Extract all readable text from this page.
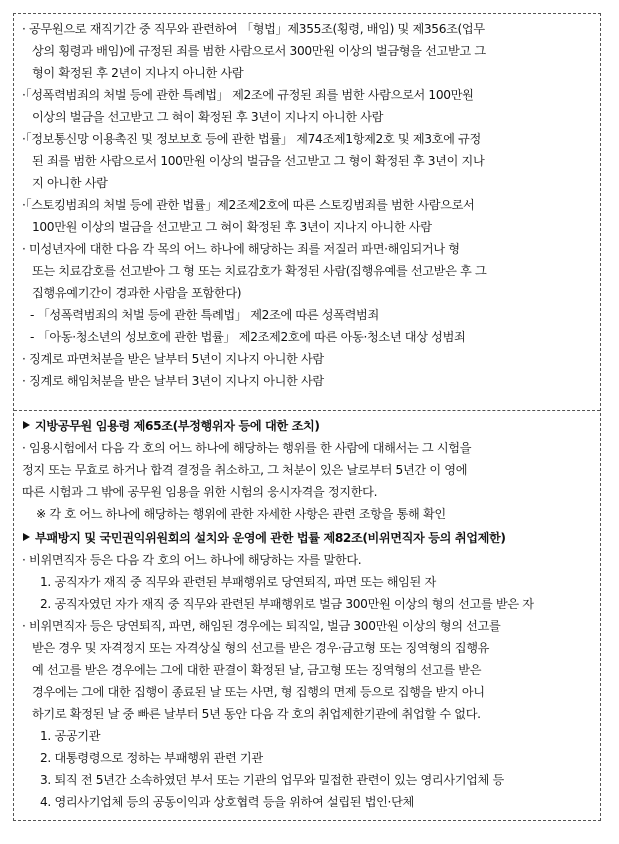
· 공무원으로 재직기간 중 직무와 관련하여 「형법」제355조(횡령, 배임) 및 제356조(업무
상의 횡령과 배임)에 규정된 죄를 범한 사람으로서 300만원 이상의 벌금형을 선고받고 그
형이 확정된 후 2년이 지나지 아니한 사람
·「성폭력범죄의 처벌 등에 관한 특례법」 제2조에 규정된 죄를 범한 사람으로서 100만원
이상의 벌금을 선고받고 그 혀이 확정된 후 3년이 지나지 아니한 사람
·「정보통신망 이용촉진 및 정보보호 등에 관한 법률」 제74조제1항제2호 및 제3호에 규정
된 죄를 범한 사람으로서 100만원 이상의 벌금을 선고받고 그 형이 확정된 후 3년이 지나
지 아니한 사람
·「스토킹범죄의 처벌 등에 관한 법률」제2조제2호에 따른 스토킹범죄를 범한 사람으로서
100만원 이상의 벌금을 선고받고 그 혀이 확정된 후 3년이 지나지 아니한 사람
· 미성년자에 대한 다음 각 목의 어느 하나에 해당하는 죄를 저질러 파면·해임되거나 형
또는 치료감호를 선고받아 그 형 또는 치료감호가 확정된 사람(집행유예를 선고받은 후 그
집행유예기간이 경과한 사람을 포함한다)
- 「성폭력범죄의 처벌 등에 관한 특례법」 제2조에 따른 성폭력범죄
- 「아동·청소년의 성보호에 관한 법률」 제2조제2호에 따른 아동·청소년 대상 성범죄
· 징계로 파면처분을 받은 날부터 5년이 지나지 아니한 사람
· 징계로 해임처분을 받은 날부터 3년이 지나지 아니한 사람
지방공무원 임용령 제65조(부정행위자 등에 대한 조치)
· 임용시험에서 다음 각 호의 어느 하나에 해당하는 행위를 한 사람에 대해서는 그 시험을
정지 또는 무효로 하거나 합격 결정을 취소하고, 그 처분이 있은 날로부터 5년간 이 영에
따른 시험과 그 밖에 공무원 임용을 위한 시험의 응시자격을 정지한다.
※ 각 호 어느 하나에 해당하는 행위에 관한 자세한 사항은 관련 조항을 통해 확인
부패방지 및 국민권익위원회의 설치와 운영에 관한 법률 제82조(비위면직자 등의 취업제한)
· 비위면직자 등은 다음 각 호의 어느 하나에 해당하는 자를 말한다.
1. 공직자가 재직 중 직무와 관련된 부패행위로 당연퇴직, 파면 또는 해임된 자
2. 공직자였던 자가 재직 중 직무와 관련된 부패행위로 벌금 300만원 이상의 형의 선고를 받은 자
· 비위면직자 등은 당연퇴직, 파면, 해임된 경우에는 퇴직일, 벌금 300만원 이상의 형의 선고를
받은 경우 및 자격정지 또는 자격상실 형의 선고를 받은 경우·금고형 또는 징역형의 집행유
예 선고를 받은 경우에는 그에 대한 판결이 확정된 날, 금고형 또는 징역형의 선고를 받은
경우에는 그에 대한 집행이 종료된 날 또는 사면, 형 집행의 면제 등으로 집행을 받지 아니
하기로 확정된 날 중 빠른 날부터 5년 동안 다음 각 호의 취업제한기관에 취업할 수 없다.
1. 공공기관
2. 대통령령으로 정하는 부패행위 관련 기관
3. 퇴직 전 5년간 소속하였던 부서 또는 기관의 업무와 밀접한 관련이 있는 영리사기업체 등
4. 영리사기업체 등의 공동이익과 상호협력 등을 위하여 설립된 법인·단체
